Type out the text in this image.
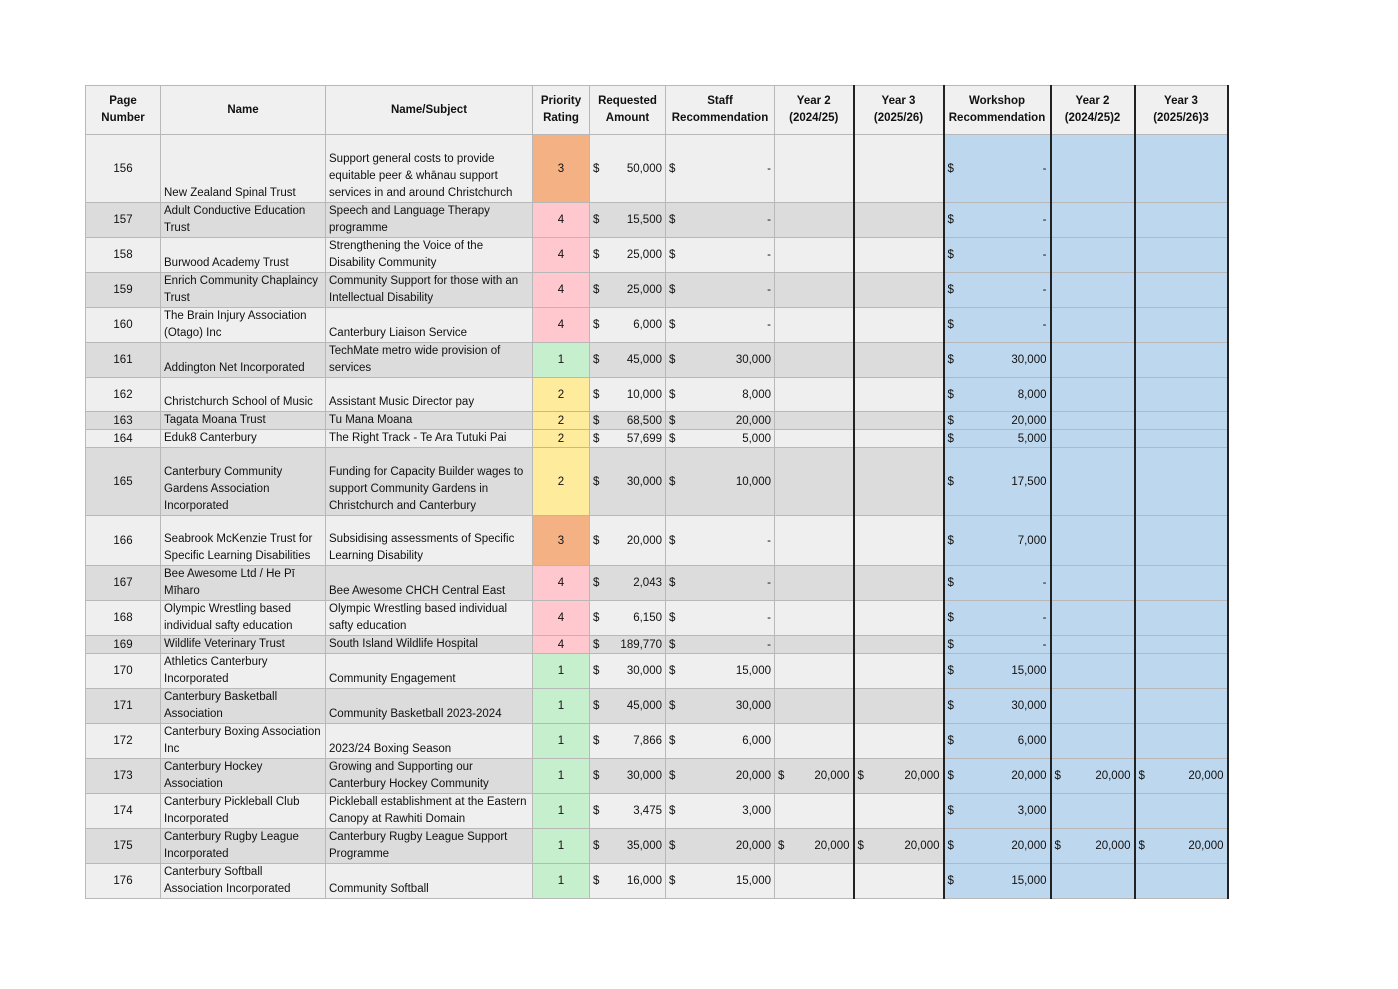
Page Number	Name	Name/Subject	Priority Rating	Requested Amount	Staff Recommendation	Year 2 (2024/25)	Year 3 (2025/26)	Workshop Recommendation	Year 2 (2024/25)2	Year 3 (2025/26)3
156	New Zealand Spinal Trust	Support general costs to provide equitable peer & whānau support services in and around Christchurch	3	$ 50,000	$ -			$ -		

157	Adult Conductive Education Trust	Speech and Language Therapy programme	4	$ 15,500	$ -			$ -		

158	Burwood Academy Trust	Strengthening the Voice of the Disability Community	4	$ 25,000	$ -			$ -		

159	Enrich Community Chaplaincy Trust	Community Support for those with an Intellectual Disability	4	$ 25,000	$ -			$ -		

160	The Brain Injury Association (Otago) Inc	Canterbury Liaison Service	4	$ 6,000	$ -			$ -		

161	Addington Net Incorporated	TechMate metro wide provision of services	1	$ 45,000	$ 30,000			$ 30,000		

162	Christchurch School of Music	Assistant Music Director pay	2	$ 10,000	$ 8,000			$ 8,000		

163	Tagata Moana Trust	Tu Mana Moana	2	$ 68,500	$ 20,000			$ 20,000		

164	Eduk8 Canterbury	The Right Track - Te Ara Tutuki Pai	2	$ 57,699	$ 5,000			$ 5,000		

165	Canterbury Community Gardens Association Incorporated	Funding for Capacity Builder wages to support Community Gardens in Christchurch and Canterbury	2	$ 30,000	$ 10,000			$ 17,500		

166	Seabrook McKenzie Trust for Specific Learning Disabilities	Subsidising assessments of Specific Learning Disability	3	$ 20,000	$ -			$ 7,000		

167	Bee Awesome Ltd / He Pī Mīharo	Bee Awesome CHCH Central East	4	$ 2,043	$ -			$ -		

168	Olympic Wrestling based individual safty education	Olympic Wrestling based individual safty education	4	$ 6,150	$ -			$ -		

169	Wildlife Veterinary Trust	South Island Wildlife Hospital	4	$ 189,770	$ -			$ -		

170	Athletics Canterbury Incorporated	Community Engagement	1	$ 30,000	$ 15,000			$ 15,000		

171	Canterbury Basketball Association	Community Basketball 2023-2024	1	$ 45,000	$ 30,000			$ 30,000		

172	Canterbury Boxing Association Inc	2023/24 Boxing Season	1	$ 7,866	$ 6,000			$ 6,000		

173	Canterbury Hockey Association	Growing and Supporting our Canterbury Hockey Community	1	$ 30,000	$ 20,000	$ 20,000	$ 20,000	$ 20,000	$ 20,000	$ 20,000

174	Canterbury Pickleball Club Incorporated	Pickleball establishment at the Eastern Canopy at Rawhiti Domain	1	$ 3,475	$ 3,000			$ 3,000		

175	Canterbury Rugby League Incorporated	Canterbury Rugby League Support Programme	1	$ 35,000	$ 20,000	$ 20,000	$ 20,000	$ 20,000	$ 20,000	$ 20,000

176	Canterbury Softball Association Incorporated	Community Softball	1	$ 16,000	$ 15,000			$ 15,000		
